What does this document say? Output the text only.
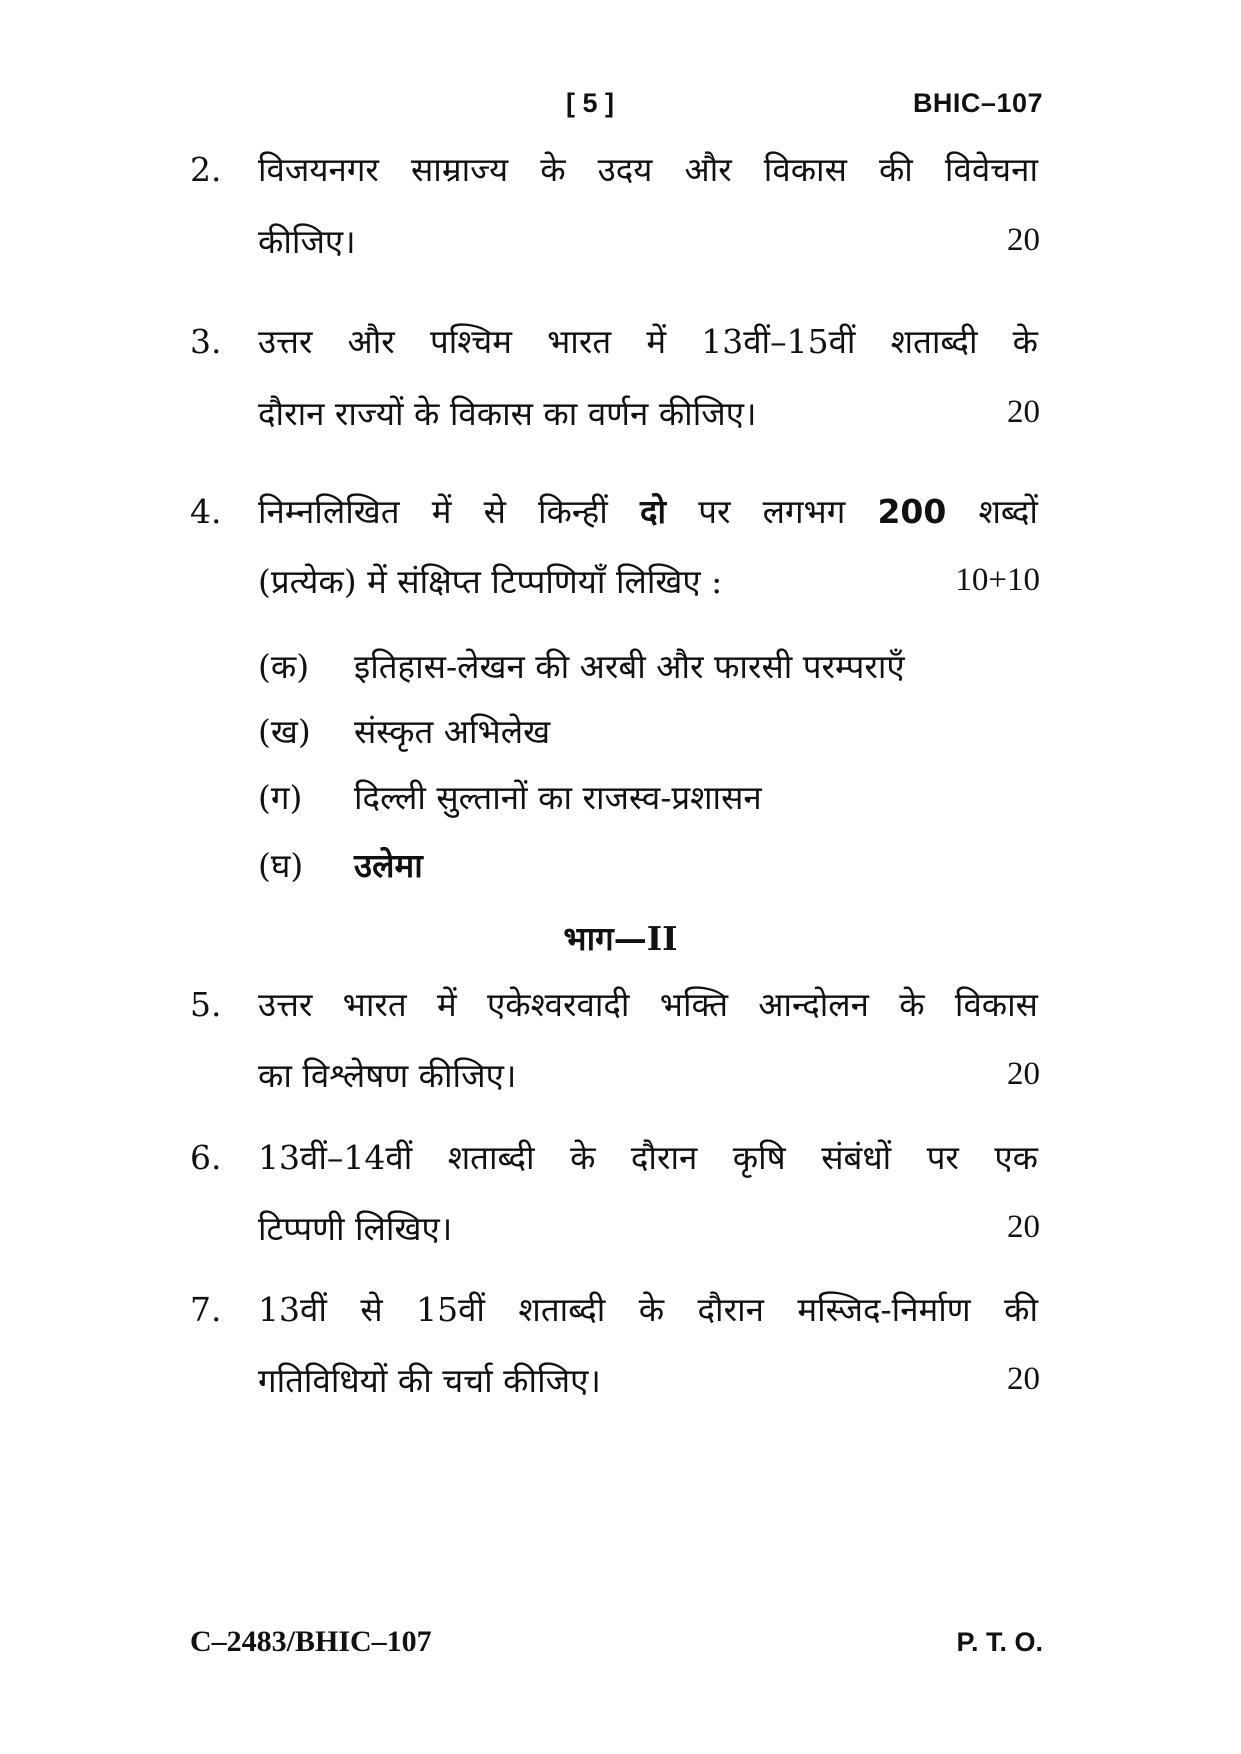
[ 5 ]	BHIC–107
2. विजयनगर साम्राज्य के उदय और विकास की विवेचना
कीजिए।	20
3. उत्तर और पश्चिम भारत में 13वीं–15वीं शताब्दी के
दौरान राज्यों के विकास का वर्णन कीजिए।	20
4. निम्नलिखित में से किन्हीं दो पर लगभग 200 शब्दों
(प्रत्येक) में संक्षिप्त टिप्पणियाँ लिखिए :	10+10
(क) इतिहास-लेखन की अरबी और फारसी परम्पराएँ
(ख) संस्कृत अभिलेख
(ग) दिल्ली सुल्तानों का राजस्व-प्रशासन
(घ) उलेमा
भाग—II
5. उत्तर भारत में एकेश्वरवादी भक्ति आन्दोलन के विकास
का विश्लेषण कीजिए।	20
6. 13वीं–14वीं शताब्दी के दौरान कृषि संबंधों पर एक
टिप्पणी लिखिए।	20
7. 13वीं से 15वीं शताब्दी के दौरान मस्जिद-निर्माण की
गतिविधियों की चर्चा कीजिए।	20
C–2483/BHIC–107	P. T. O.
